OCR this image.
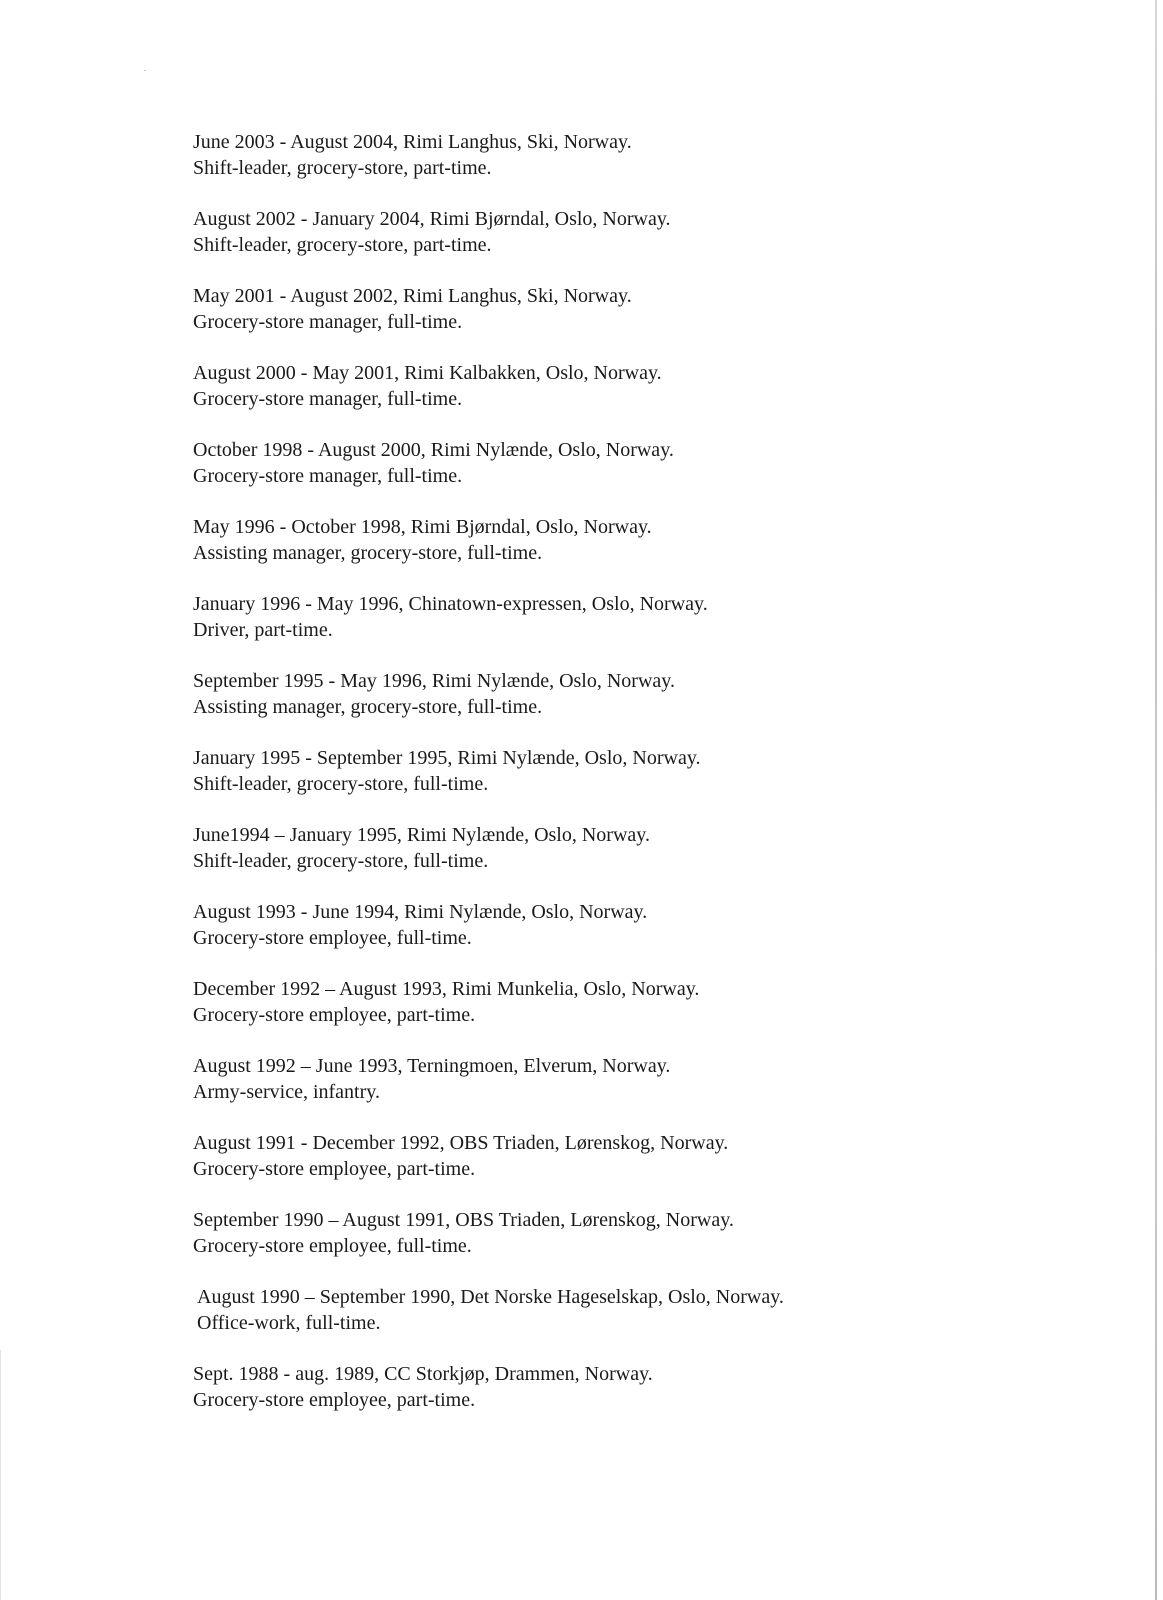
June 2003 - August 2004, Rimi Langhus, Ski, Norway.
Shift-leader, grocery-store, part-time.
August 2002 - January 2004, Rimi Bjørndal, Oslo, Norway.
Shift-leader, grocery-store, part-time.
May 2001 - August 2002, Rimi Langhus, Ski, Norway.
Grocery-store manager, full-time.
August 2000 - May 2001, Rimi Kalbakken, Oslo, Norway.
Grocery-store manager, full-time.
October 1998 - August 2000, Rimi Nylænde, Oslo, Norway.
Grocery-store manager, full-time.
May 1996 - October 1998, Rimi Bjørndal, Oslo, Norway.
Assisting manager, grocery-store, full-time.
January 1996 - May 1996, Chinatown-expressen, Oslo, Norway.
Driver, part-time.
September 1995 - May 1996, Rimi Nylænde, Oslo, Norway.
Assisting manager, grocery-store, full-time.
January 1995 - September 1995, Rimi Nylænde, Oslo, Norway.
Shift-leader, grocery-store, full-time.
June1994 – January 1995, Rimi Nylænde, Oslo, Norway.
Shift-leader, grocery-store, full-time.
August 1993 - June 1994, Rimi Nylænde, Oslo, Norway.
Grocery-store employee, full-time.
December 1992 – August 1993, Rimi Munkelia, Oslo, Norway.
Grocery-store employee, part-time.
August 1992 – June 1993, Terningmoen, Elverum, Norway.
Army-service, infantry.
August 1991 - December 1992, OBS Triaden, Lørenskog, Norway.
Grocery-store employee, part-time.
September 1990 – August 1991, OBS Triaden, Lørenskog, Norway.
Grocery-store employee, full-time.
August 1990 – September 1990, Det Norske Hageselskap, Oslo, Norway.
Office-work, full-time.
Sept. 1988 - aug. 1989, CC Storkjøp, Drammen, Norway.
Grocery-store employee, part-time.
